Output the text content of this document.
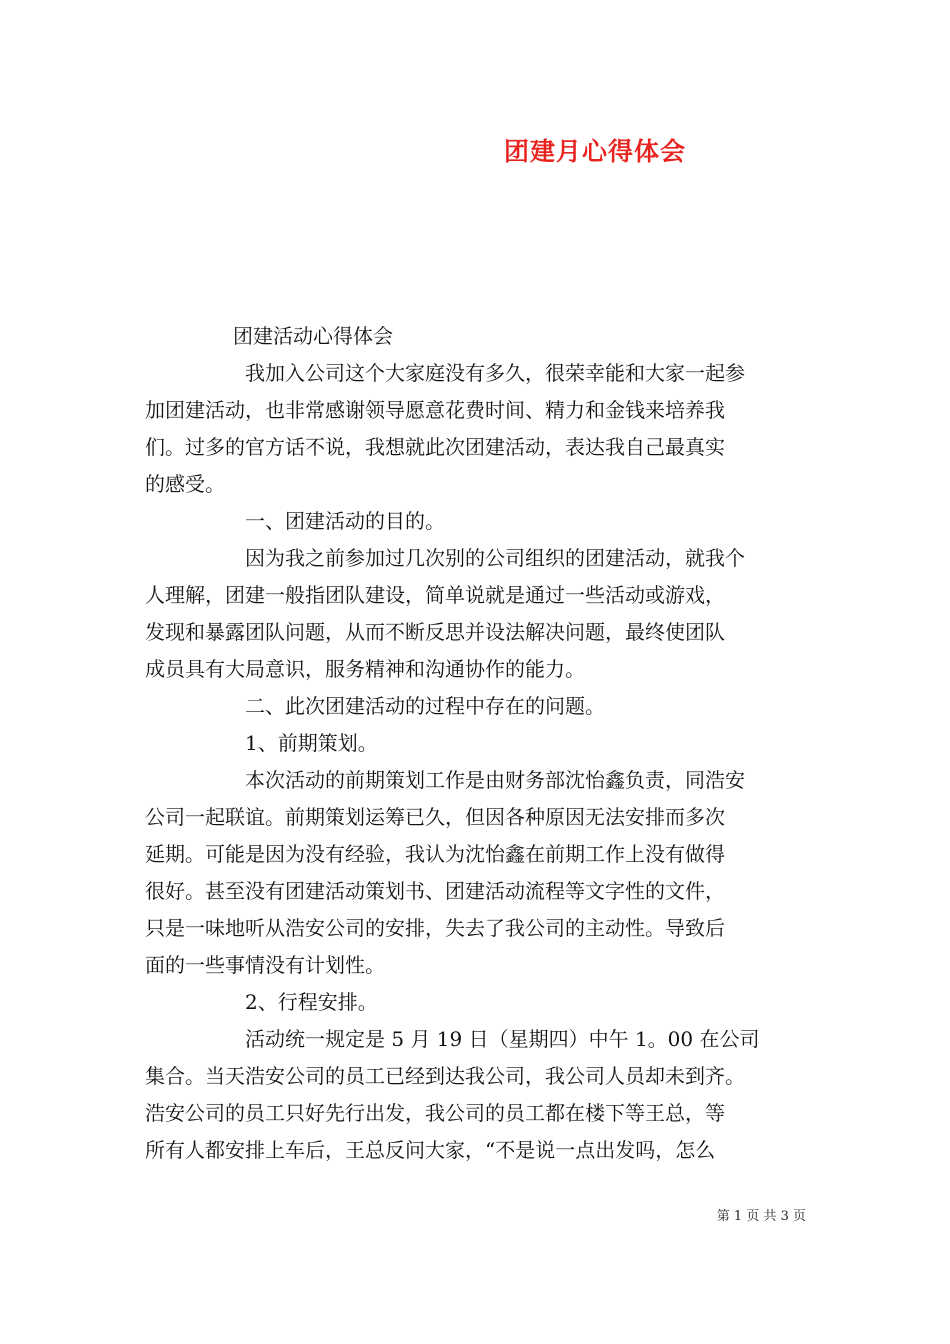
团建月心得体会

团建活动心得体会

我加入公司这个大家庭没有多久，很荣幸能和大家一起参

加团建活动，也非常感谢领导愿意花费时间、精力和金钱来培养我

们。过多的官方话不说，我想就此次团建活动，表达我自己最真实

的感受。

一、团建活动的目的。

因为我之前参加过几次别的公司组织的团建活动，就我个

人理解，团建一般指团队建设，简单说就是通过一些活动或游戏，

发现和暴露团队问题，从而不断反思并设法解决问题，最终使团队

成员具有大局意识，服务精神和沟通协作的能力。

二、此次团建活动的过程中存在的问题。

1、前期策划。

本次活动的前期策划工作是由财务部沈怡鑫负责，同浩安

公司一起联谊。前期策划运筹已久，但因各种原因无法安排而多次

延期。可能是因为没有经验，我认为沈怡鑫在前期工作上没有做得

很好。甚至没有团建活动策划书、团建活动流程等文字性的文件，

只是一味地听从浩安公司的安排，失去了我公司的主动性。导致后

面的一些事情没有计划性。

2、行程安排。

活动统一规定是 5 月 19 日（星期四）中午 1。00 在公司

集合。当天浩安公司的员工已经到达我公司，我公司人员却未到齐。

浩安公司的员工只好先行出发，我公司的员工都在楼下等王总，等

所有人都安排上车后，王总反问大家，“不是说一点出发吗，怎么

第 1 页 共 3 页
